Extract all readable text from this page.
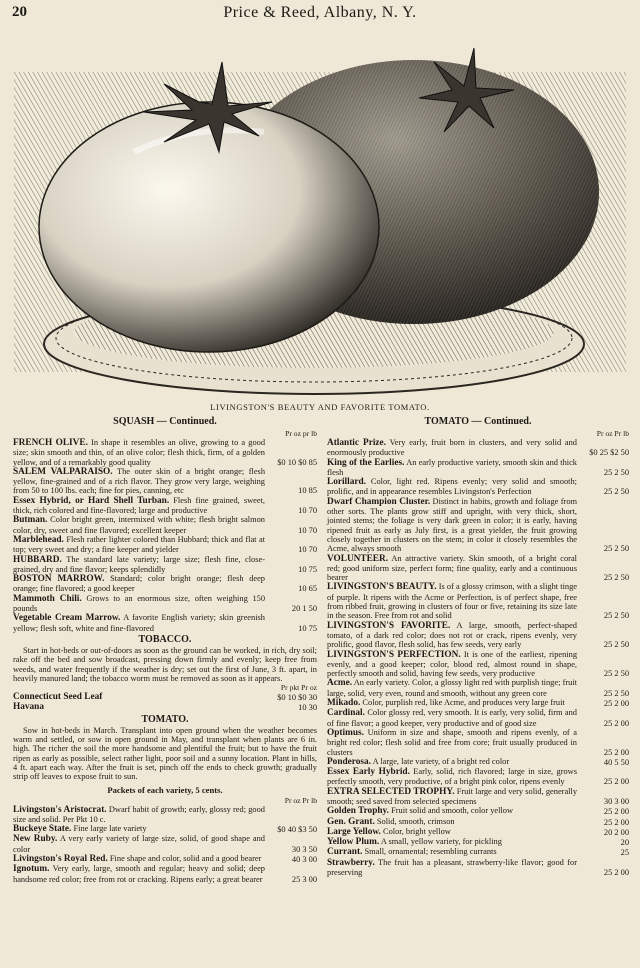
20	Price & Reed, Albany, N. Y.
LIVINGSTON'S BEAUTY AND FAVORITE TOMATO.
SQUASH — Continued.
Pr oz pr lb
FRENCH OLIVE. In shape it resembles an olive, growing to a good size; skin smooth and thin, of an olive color; flesh thick, firm, of a golden yellow, and of a remarkably good quality	$0 10 $0 85
SALEM VALPARAISO. The outer skin of a bright orange; flesh yellow, fine-grained and of a rich flavor. They grow very large, weighing from 50 to 100 lbs. each; fine for pies, canning, etc	10 85
Essex Hybrid, or Hard Shell Turban. Flesh fine grained, sweet, thick, rich colored and fine-flavored; large and productive	10 70
Butman. Color bright green, intermixed with white; flesh bright salmon color, dry, sweet and fine flavored; excellent keeper	10 70
Marblehead. Flesh rather lighter colored than Hubbard; thick and flat at top; very sweet and dry; a fine keeper and yielder	10 70
HUBBARD. The standard late variety; large size; flesh fine, close-grained, dry and fine flavor; keeps splendidly	10 75
BOSTON MARROW. Standard; color bright orange; flesh deep orange; fine flavored; a good keeper	10 65
Mammoth Chili. Grows to an enormous size, often weighing 150 pounds	20 1 50
Vegetable Cream Marrow. A favorite English variety; skin greenish yellow; flesh soft, white and fine-flavored	10 75
TOBACCO.
Start in hot-beds or out-of-doors as soon as the ground can be worked, in rich, dry soil; rake off the bed and sow broadcast, pressing down firmly and evenly; keep free from weeds, and water frequently if the weather is dry; set out the first of June, 3 ft. apart, in heavily manured land; the tobacco worm must be removed as soon as it appears.
Pr pkt Pr oz
Connecticut Seed Leaf	$0 10 $0 30
Havana	10 30
TOMATO.
Sow in hot-beds in March. Transplant into open ground when the weather becomes warm and settled, or sow in open ground in May, and transplant when plants are 6 in. high. The richer the soil the more handsome and plentiful the fruit; but to have the fruit ripen as early as possible, select rather light, poor soil and a sunny location. Plant in hills, 4 ft. apart each way. After the fruit is set, pinch off the ends to check growth; gradually strip off leaves to expose fruit to sun.
Packets of each variety, 5 cents.
Pr oz Pr lb
Livingston's Aristocrat. Dwarf habit of growth; early, glossy red; good size and solid. Per Pkt 10 c.
Buckeye State. Fine large late variety	$0 40 $3 50
New Ruby. A very early variety of large size, solid, of good shape and color	30 3 50
Livingston's Royal Red. Fine shape and color, solid and a good bearer	40 3 00
Ignotum. Very early, large, smooth and regular; heavy and solid; deep handsome red color; free from rot or cracking. Ripens early; a great bearer	25 3 00
TOMATO — Continued.
Pr oz Pr lb
Atlantic Prize. Very early, fruit born in clusters, and very solid and enormously productive	$0 25 $2 50
King of the Earlies. An early productive variety, smooth skin and thick flesh	25 2 50
Lorillard. Color, light red. Ripens evenly; very solid and smooth; prolific, and in appearance resembles Livingston's Perfection	25 2 50
Dwarf Champion Cluster. Distinct in habits, growth and foliage from other sorts. The plants grow stiff and upright, with very thick, short, jointed stems; the foliage is very dark green in color; it is early, having ripened fruit as early as July first, is a great yielder, the fruit growing closely together in clusters on the stem; in color it closely resembles the Acme, always smooth	25 2 50
VOLUNTEER. An attractive variety. Skin smooth, of a bright coral red; good uniform size, perfect form; fine quality, early and a continuous bearer	25 2 50
LIVINGSTON'S BEAUTY. Is of a glossy crimson, with a slight tinge of purple. It ripens with the Acme or Perfection, is of perfect shape, free from ribbed fruit, growing in clusters of four or five, retaining its size late in the season. Free from rot and solid	25 2 50
LIVINGSTON'S FAVORITE. A large, smooth, perfect-shaped tomato, of a dark red color; does not rot or crack, ripens evenly, very prolific, good flavor, flesh solid, has few seeds, very early	25 2 50
LIVINGSTON'S PERFECTION. It is one of the earliest, ripening evenly, and a good keeper; color, blood red, almost round in shape, perfectly smooth and solid, having few seeds, very productive	25 2 50
Acme. An early variety. Color, a glossy light red with purplish tinge; fruit large, solid, very even, round and smooth, without any green core	25 2 50
Mikado. Color, purplish red, like Acme, and produces very large fruit	25 2 00
Cardinal. Color glossy red, very smooth. It is early, very solid, firm and of fine flavor; a good keeper, very productive and of good size	25 2 00
Optimus. Uniform in size and shape, smooth and ripens evenly, of a bright red color; flesh solid and free from core; fruit usually produced in clusters	25 2 00
Ponderosa. A large, late variety, of a bright red color	40 5 50
Essex Early Hybrid. Early, solid, rich flavored; large in size, grows perfectly smooth, very productive, of a bright pink color, ripens evenly	25 2 00
EXTRA SELECTED TROPHY. Fruit large and very solid, generally smooth; seed saved from selected specimens	30 3 00
Golden Trophy. Fruit solid and smooth, color yellow	25 2 00
Gen. Grant. Solid, smooth, crimson	25 2 00
Large Yellow. Color, bright yellow	20 2 00
Yellow Plum. A small, yellow variety, for pickling	20
Currant. Small, ornamental; resembling currants	25
Strawberry. The fruit has a pleasant, strawberry-like flavor; good for preserving	25 2 00
